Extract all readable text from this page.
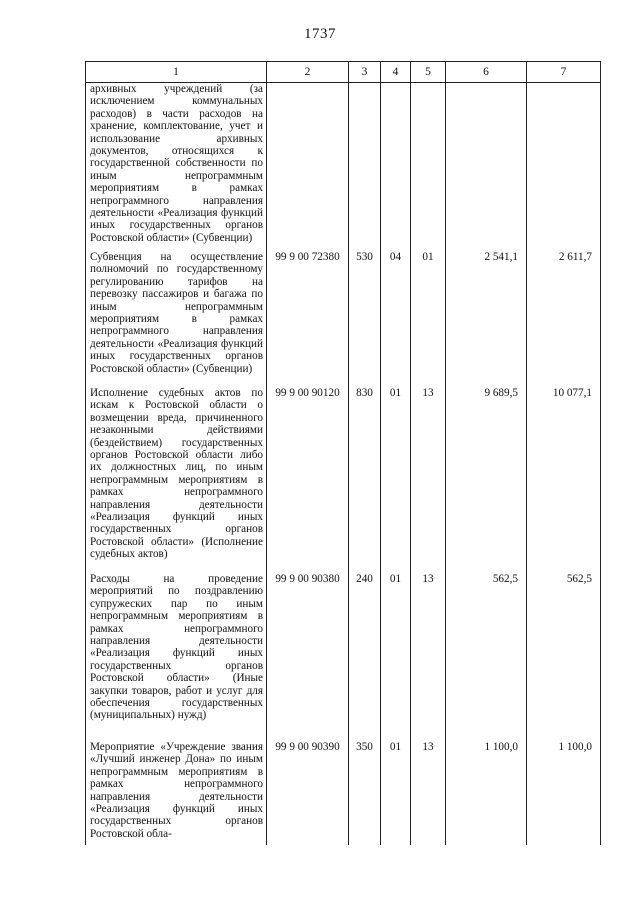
1737
1	2	3	4	5	6	7
архивных учреждений (за исключением коммунальных расходов) в части расходов на хранение, комплектование, учет и использование архивных документов, относящихся к государственной собственности по иным непрограммным мероприятиям в рамках непрограммного направления деятельности «Реализация функций иных государственных органов Ростовской области» (Субвенции)						
Субвенция на осуществление полномочий по государственному регулированию тарифов на перевозку пассажиров и багажа по иным непрограммным мероприятиям в рамках непрограммного направления деятельности «Реализация функций иных государственных органов Ростовской области» (Субвенции)	99 9 00 72380	530	04	01	2 541,1	2 611,7
Исполнение судебных актов по искам к Ростовской области о возмещении вреда, причиненного незаконными действиями (бездействием) государственных органов Ростовской области либо их должностных лиц, по иным непрограммным мероприятиям в рамках непрограммного направления деятельности «Реализация функций иных государственных органов Ростовской области» (Исполнение судебных актов)	99 9 00 90120	830	01	13	9 689,5	10 077,1
Расходы на проведение мероприятий по поздравлению супружеских пар по иным непрограммным мероприятиям в рамках непрограммного направления деятельности «Реализация функций иных государственных органов Ростовской области» (Иные закупки товаров, работ и услуг для обеспечения государственных (муниципальных) нужд)	99 9 00 90380	240	01	13	562,5	562,5
Мероприятие «Учреждение звания «Лучший инженер Дона» по иным непрограммным мероприятиям в рамках непрограммного направления деятельности «Реализация функций иных государственных органов Ростовской обла-	99 9 00 90390	350	01	13	1 100,0	1 100,0
